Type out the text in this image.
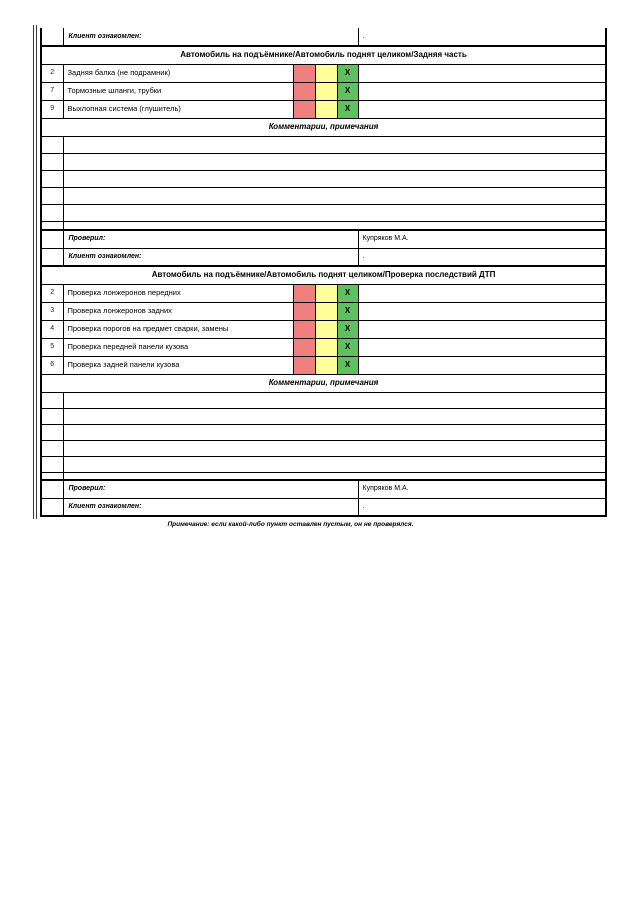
	Клиент ознакомлен:				.
Автомобиль на подъёмнике/Автомобиль поднят целиком/Задняя часть					
2	Задняя балка (не подрамник)			X	
7	Тормозные шланги, трубки			X	
9	Выхлопная система (глушитель)			X	
Комментарии, примечания					

	Проверил:				Купряков М.А.
	Клиент ознакомлен:				.
Автомобиль на подъёмнике/Автомобиль поднят целиком/Проверка последствий ДТП					
2	Проверка лонжеронов передних			X	
3	Проверка лонжеронов задних			X	
4	Проверка порогов на предмет сварки, замены			X	
5	Проверка передней панели кузова			X	
6	Проверка задней панели кузова			X	
Комментарии, примечания					

	Проверил:				Купряков М.А.
	Клиент ознакомлен:				.
Примечание: если какой-либо пункт оставлен пустым, он не проверялся.
